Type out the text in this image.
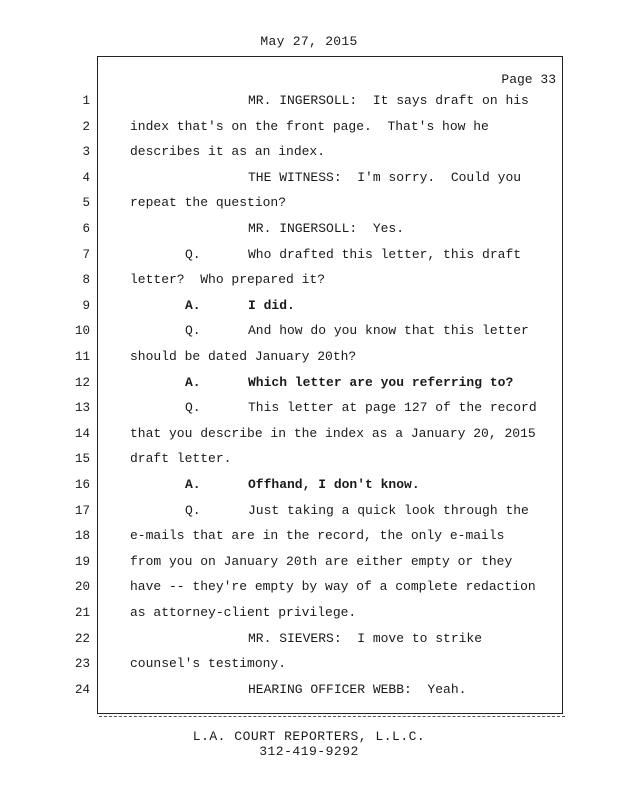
May 27, 2015
Page 33
1	MR. INGERSOLL:  It says draft on his
2	index that's on the front page.  That's how he
3	describes it as an index.
4	THE WITNESS:  I'm sorry.  Could you
5	repeat the question?
6	MR. INGERSOLL:  Yes.
7	Q.	Who drafted this letter, this draft
8	letter?  Who prepared it?
9	A.	I did.
10	Q.	And how do you know that this letter
11	should be dated January 20th?
12	A.	Which letter are you referring to?
13	Q.	This letter at page 127 of the record
14	that you describe in the index as a January 20, 2015
15	draft letter.
16	A.	Offhand, I don't know.
17	Q.	Just taking a quick look through the
18	e-mails that are in the record, the only e-mails
19	from you on January 20th are either empty or they
20	have -- they're empty by way of a complete redaction
21	as attorney-client privilege.
22	MR. SIEVERS:  I move to strike
23	counsel's testimony.
24	HEARING OFFICER WEBB:  Yeah.
L.A. COURT REPORTERS, L.L.C.
312-419-9292
